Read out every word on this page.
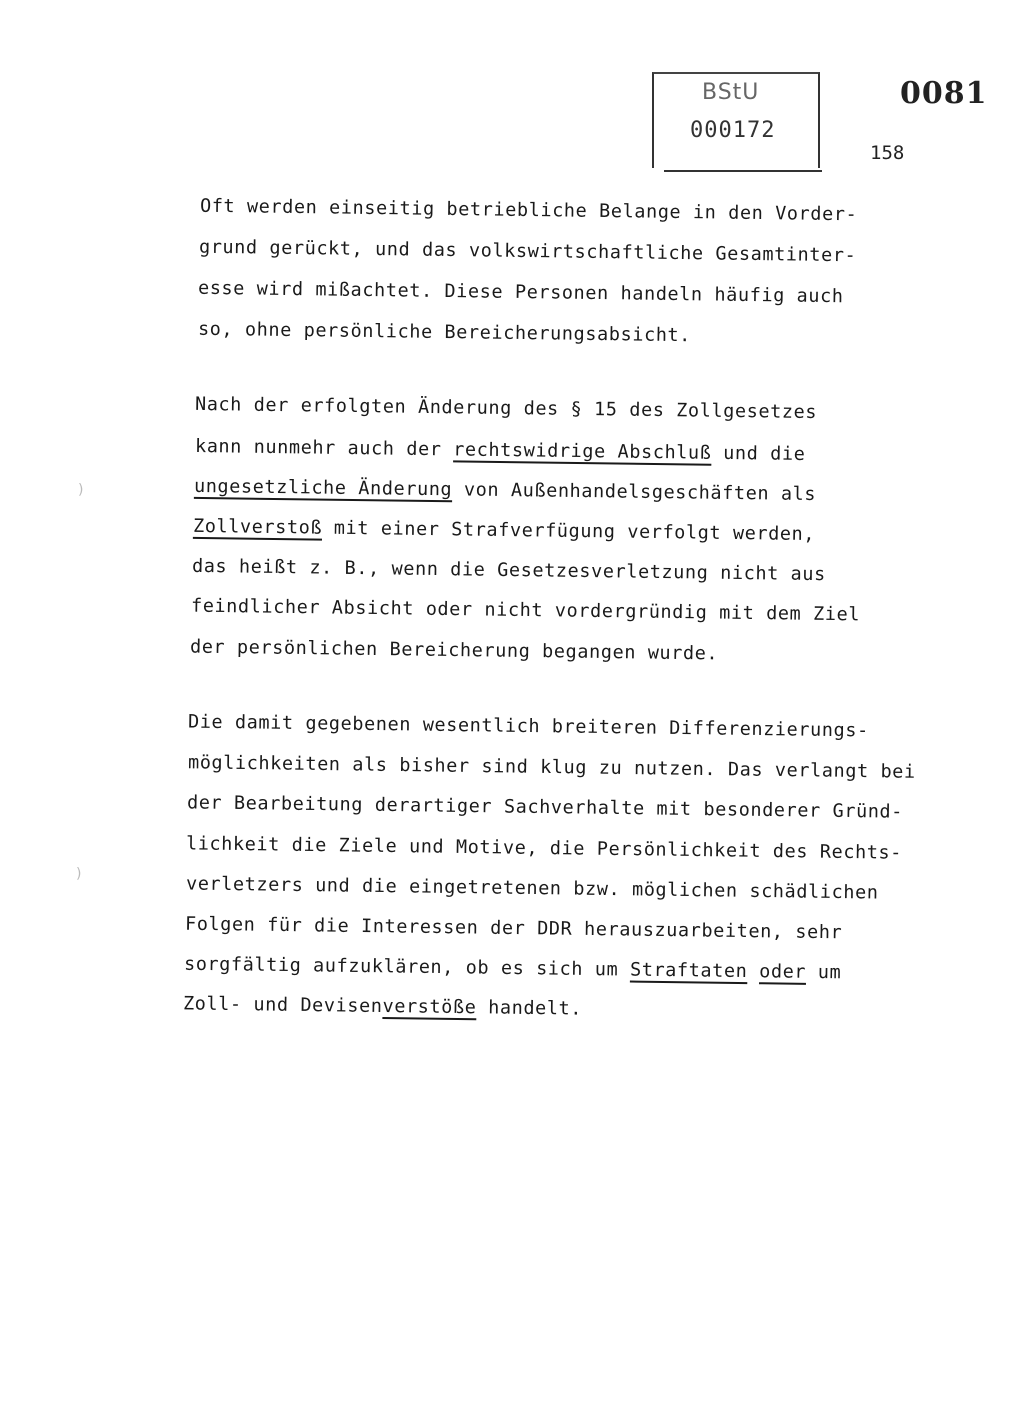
BStU
000172
0081
158
Oft werden einseitig betriebliche Belange in den Vorder-
grund gerückt, und das volkswirtschaftliche Gesamtinter-
esse wird mißachtet. Diese Personen handeln häufig auch
so, ohne persönliche Bereicherungsabsicht.
Nach der erfolgten Änderung des § 15 des Zollgesetzes
kann nunmehr auch der rechtswidrige Abschluß und die
ungesetzliche Änderung von Außenhandelsgeschäften als
Zollverstoß mit einer Strafverfügung verfolgt werden,
das heißt z. B., wenn die Gesetzesverletzung nicht aus
feindlicher Absicht oder nicht vordergründig mit dem Ziel
der persönlichen Bereicherung begangen wurde.
Die damit gegebenen wesentlich breiteren Differenzierungs-
möglichkeiten als bisher sind klug zu nutzen. Das verlangt bei
der Bearbeitung derartiger Sachverhalte mit besonderer Gründ-
lichkeit die Ziele und Motive, die Persönlichkeit des Rechts-
verletzers und die eingetretenen bzw. möglichen schädlichen
Folgen für die Interessen der DDR herauszuarbeiten, sehr
sorgfältig aufzuklären, ob es sich um Straftaten oder um
Zoll- und Devisenverstöße handelt.
)
)
